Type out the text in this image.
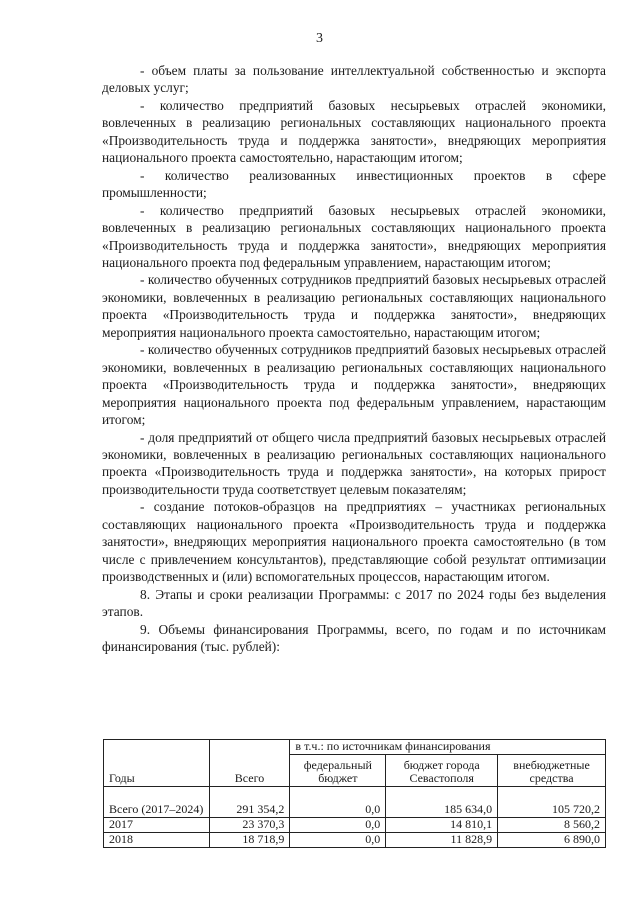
3

- объем платы за пользование интеллектуальной собственностью и экспорта деловых услуг;

- количество предприятий базовых несырьевых отраслей экономики, вовлеченных в реализацию региональных составляющих национального проекта «Производительность труда и поддержка занятости», внедряющих мероприятия национального проекта самостоятельно, нарастающим итогом;

- количество реализованных инвестиционных проектов в сфере промышленности;

- количество предприятий базовых несырьевых отраслей экономики, вовлеченных в реализацию региональных составляющих национального проекта «Производительность труда и поддержка занятости», внедряющих мероприятия национального проекта под федеральным управлением, нарастающим итогом;

- количество обученных сотрудников предприятий базовых несырьевых отраслей экономики, вовлеченных в реализацию региональных составляющих национального проекта «Производительность труда и поддержка занятости», внедряющих мероприятия национального проекта самостоятельно, нарастающим итогом;

- количество обученных сотрудников предприятий базовых несырьевых отраслей экономики, вовлеченных в реализацию региональных составляющих национального проекта «Производительность труда и поддержка занятости», внедряющих мероприятия национального проекта под федеральным управлением, нарастающим итогом;

- доля предприятий от общего числа предприятий базовых несырьевых отраслей экономики, вовлеченных в реализацию региональных составляющих национального проекта «Производительность труда и поддержка занятости», на которых прирост производительности труда соответствует целевым показателям;

- создание потоков-образцов на предприятиях – участниках региональных составляющих национального проекта «Производительность труда и поддержка занятости», внедряющих мероприятия национального проекта самостоятельно (в том числе с привлечением консультантов), представляющие собой результат оптимизации производственных и (или) вспомогательных процессов, нарастающим итогом.

8. Этапы и сроки реализации Программы: с 2017 по 2024 годы без выделения этапов.

9. Объемы финансирования Программы, всего, по годам и по источникам финансирования (тыс. рублей):

Годы	Всего	в т.ч.: по источникам финансирования		
		федеральный бюджет	бюджет города Севастополя	внебюджетные средства
Всего (2017–2024)	291 354,2	0,0	185 634,0	105 720,2
2017	23 370,3	0,0	14 810,1	8 560,2
2018	18 718,9	0,0	11 828,9	6 890,0
